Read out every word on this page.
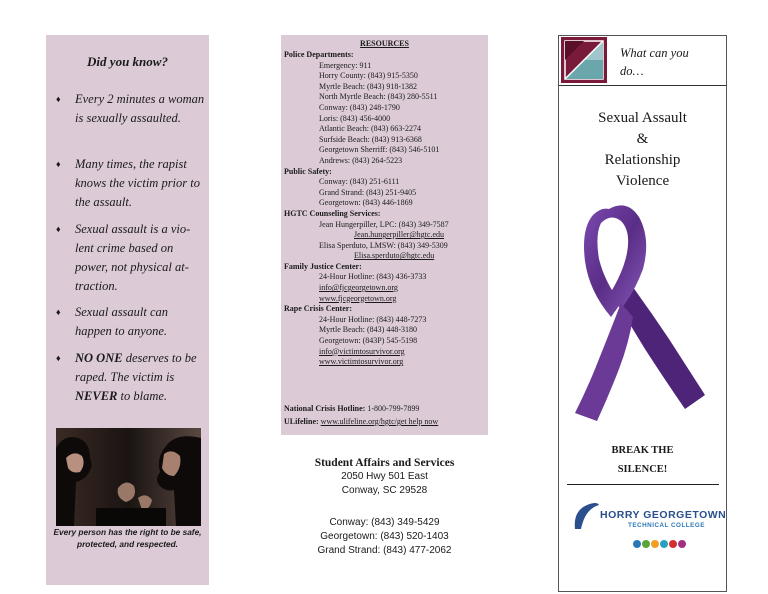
Did you know?
♦ Every 2 minutes a woman is sexually assaulted.
♦ Many times, the rapist knows the victim prior to the assault.
♦ Sexual assault is a vio-lent crime based on power, not physical at-traction.
♦ Sexual assault can happen to anyone.
♦ NO ONE deserves to be raped. The victim is NEVER to blame.
Every person has the right to be safe, protected, and respected.
RESOURCES
Police Departments:
Emergency: 911
Horry County: (843) 915-5350
Myrtle Beach: (843) 918-1382
North Myrtle Beach: (843) 280-5511
Conway: (843) 248-1790
Loris: (843) 456-4000
Atlantic Beach: (843) 663-2274
Surfside Beach: (843) 913-6368
Georgetown Sherriff: (843) 546-5101
Andrews: (843) 264-5223
Public Safety:
Conway: (843) 251-6111
Grand Strand: (843) 251-9405
Georgetown: (843) 446-1869
HGTC Counseling Services:
Jean Hungerpiller, LPC: (843) 349-7587
Jean.hungerpiller@hgtc.edu
Elisa Sperduto, LMSW: (843) 349-5309
Elisa.sperduto@hgtc.edu
Family Justice Center:
24-Hour Hotline: (843) 436-3733
info@fjcgeorgetown.org
www.fjcgeorgetown.org
Rape Crisis Center:
24-Hour Hotline: (843) 448-7273
Myrtle Beach: (843) 448-3180
Georgetown: (843P) 545-5198
info@victimtosurvivor.org
www.victimtosurvivor.org
National Crisis Hotline: 1-800-799-7899
ULifeline: www.ulifeline.org/hgtc/get help now
Student Affairs and Services
2050 Hwy 501 East
Conway, SC 29528
Conway: (843) 349-5429
Georgetown: (843) 520-1403
Grand Strand: (843) 477-2062
What can you
do…
Sexual Assault
&
Relationship
Violence
BREAK THE
SILENCE!
HORRY GEORGETOWN
TECHNICAL COLLEGE
